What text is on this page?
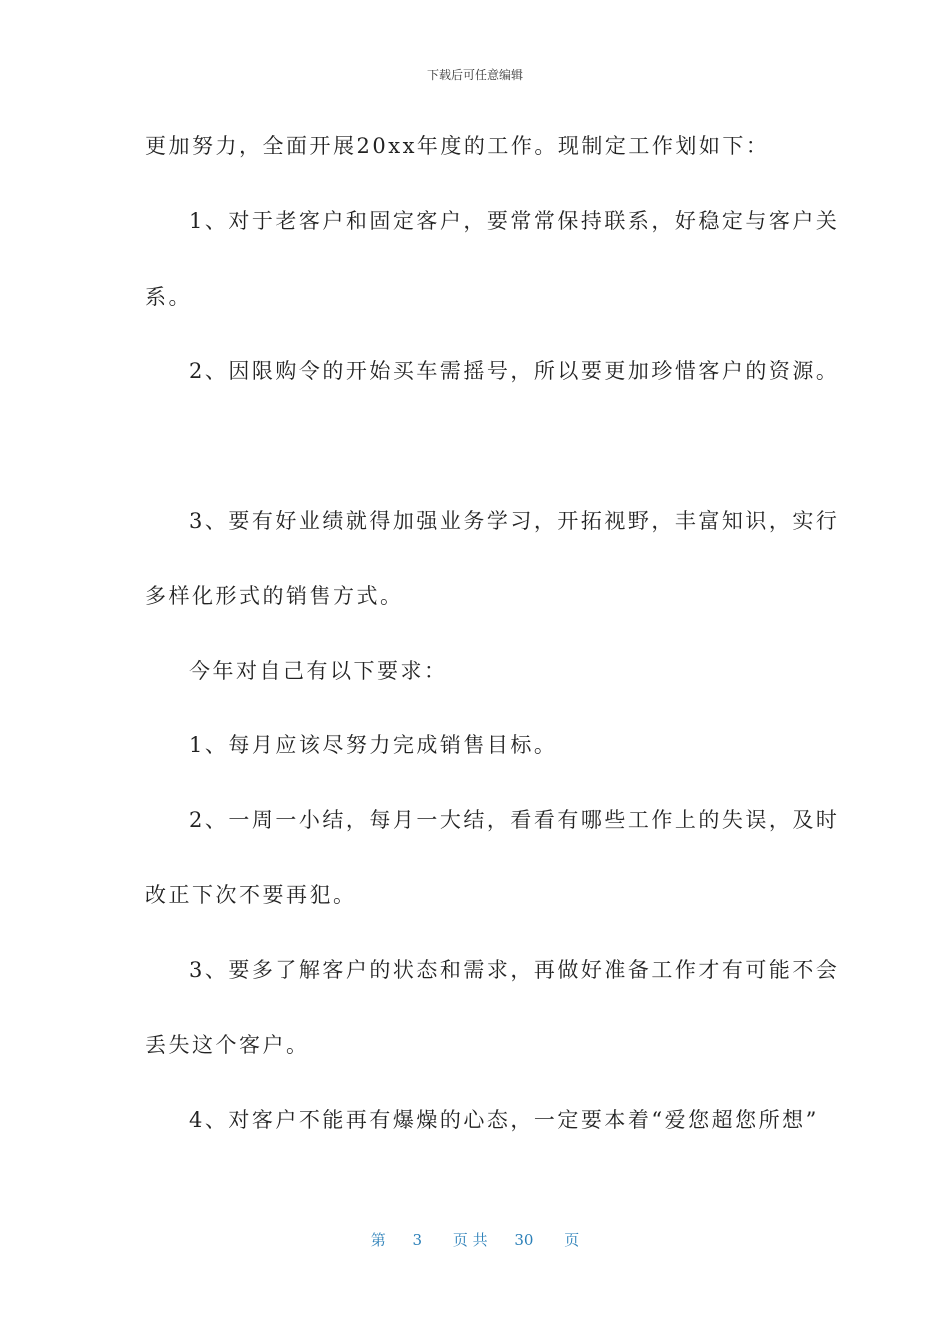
下载后可任意编辑
更加努力，全面开展20xx年度的工作。现制定工作划如下：
1、对于老客户和固定客户，要常常保持联系，好稳定与客户关
系。
2、因限购令的开始买车需摇号，所以要更加珍惜客户的资源。
3、要有好业绩就得加强业务学习，开拓视野，丰富知识，实行
多样化形式的销售方式。
今年对自己有以下要求：
1、每月应该尽努力完成销售目标。
2、一周一小结，每月一大结，看看有哪些工作上的失误，及时
改正下次不要再犯。
3、要多了解客户的状态和需求，再做好准备工作才有可能不会
丢失这个客户。
4、对客户不能再有爆燥的心态，一定要本着“爱您超您所想”
第 3 页 共 30 页
